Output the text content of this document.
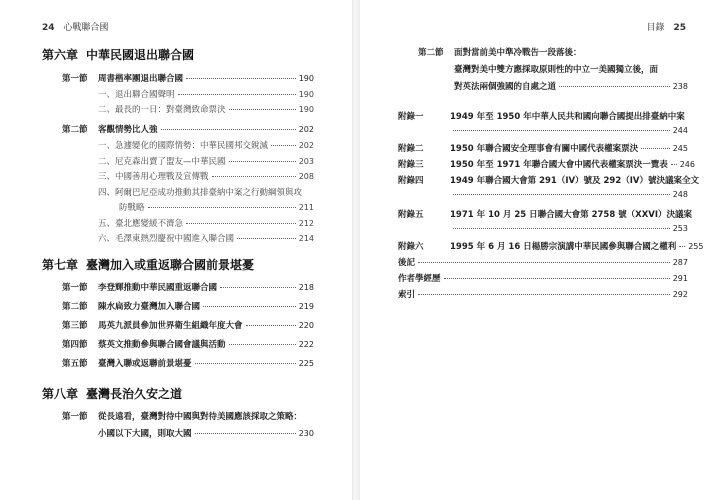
24 心戰聯合國
第六章 中華民國退出聯合國
第一節 周書楷率團退出聯合國	190
一、退出聯合國聲明	190
二、最長的一日：對臺灣致命票決	190
第二節 客觀情勢比人強	202
一、急遽變化的國際情勢：中華民國邦交銳減	202
二、尼克森出賣了盟友—中華民國	203
三、中國善用心理戰及宣傳戰	208
四、阿爾巴尼亞成功推動其排臺納中案之行動綱領與攻
防戰略	211
五、臺北應變緩不濟急	212
六、毛澤東熱烈慶祝中國進入聯合國	214
第七章 臺灣加入或重返聯合國前景堪憂
第一節 李登輝推動中華民國重返聯合國	218
第二節 陳水扁致力臺灣加入聯合國	219
第三節 馬英九派員參加世界衛生組織年度大會	220
第四節 蔡英文推動參與聯合國會議與活動	222
第五節 臺灣入聯或返聯前景堪憂	225
第八章 臺灣長治久安之道
第一節 從長遠看，臺灣對待中國與對待美國應該採取之策略：
小國以下大國，則取大國	230
目錄 25
第二節 面對當前美中準冷戰告一段落後：
臺灣對美中雙方應採取原則性的中立一美國獨立後，面
對英法兩個強國的自處之道	238
附錄一	1949 年至 1950 年中華人民共和國向聯合國提出排臺納中案
244
附錄二	1950 年聯合國安全理事會有關中國代表權案票決	245
附錄三	1950 年至 1971 年聯合國大會中國代表權案票決一覽表 246
附錄四	1949 年聯合國大會第 291（IV）號及 292（IV）號決議案全文
248
附錄五	1971 年 10 月 25 日聯合國大會第 2758 號（XXVI）決議案
253
附錄六	1995 年 6 月 16 日楊勝宗演講中華民國參與聯合國之權利 255
後記	287
作者學經歷	291
索引	292
